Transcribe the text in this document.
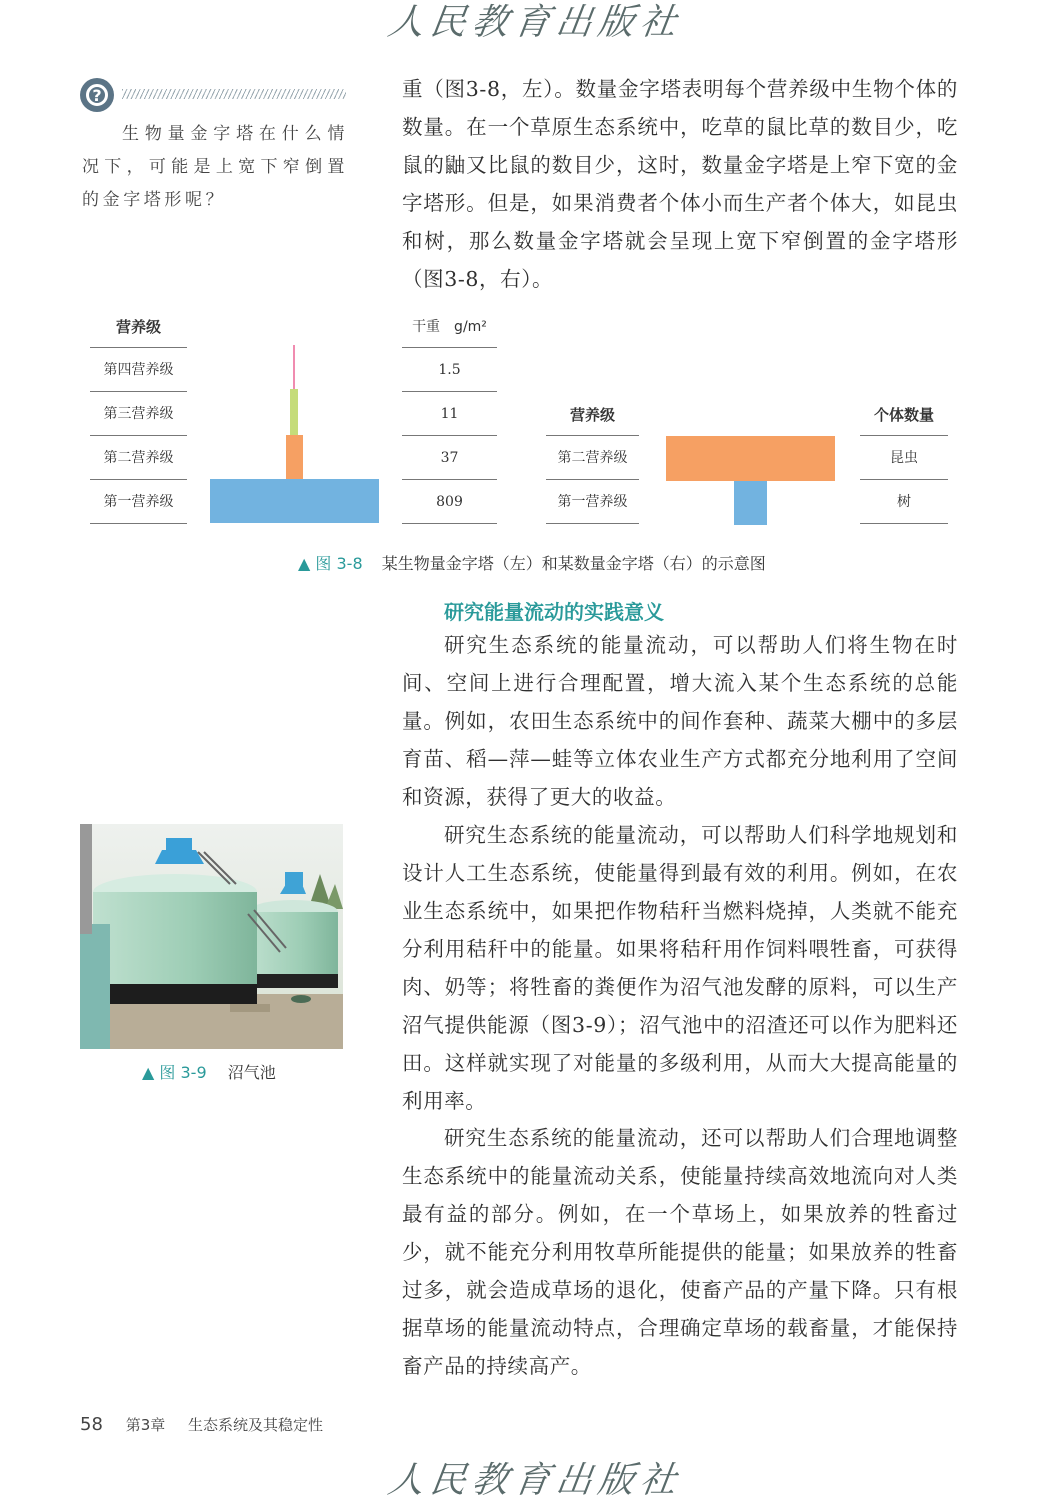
人民教育出版社
?
生物量金字塔在什么情况下，可能是上宽下窄倒置的金字塔形呢？
重（图3-8，左）。数量金字塔表明每个营养级中生物个体的数量。在一个草原生态系统中，吃草的鼠比草的数目少，吃鼠的鼬又比鼠的数目少，这时，数量金字塔是上窄下宽的金字塔形。但是，如果消费者个体小而生产者个体大，如昆虫和树，那么数量金字塔就会呈现上宽下窄倒置的金字塔形（图3-8，右）。
营养级	干重　g/m²
第四营养级
第三营养级
第二营养级
第一营养级
1.5
11
37
809
营养级	个体数量
第二营养级
第一营养级
昆虫
树
▲ 图 3-8 某生物量金字塔（左）和某数量金字塔（右）的示意图
研究能量流动的实践意义
研究生态系统的能量流动，可以帮助人们将生物在时间、空间上进行合理配置，增大流入某个生态系统的总能量。例如，农田生态系统中的间作套种、蔬菜大棚中的多层育苗、稻—萍—蛙等立体农业生产方式都充分地利用了空间和资源，获得了更大的收益。
研究生态系统的能量流动，可以帮助人们科学地规划和设计人工生态系统，使能量得到最有效的利用。例如，在农业生态系统中，如果把作物秸秆当燃料烧掉，人类就不能充分利用秸秆中的能量。如果将秸秆用作饲料喂牲畜，可获得肉、奶等；将牲畜的粪便作为沼气池发酵的原料，可以生产沼气提供能源（图3-9）；沼气池中的沼渣还可以作为肥料还田。这样就实现了对能量的多级利用，从而大大提高能量的利用率。
研究生态系统的能量流动，还可以帮助人们合理地调整生态系统中的能量流动关系，使能量持续高效地流向对人类最有益的部分。例如，在一个草场上，如果放养的牲畜过少，就不能充分利用牧草所能提供的能量；如果放养的牲畜过多，就会造成草场的退化，使畜产品的产量下降。只有根据草场的能量流动特点，合理确定草场的载畜量，才能保持畜产品的持续高产。
▲ 图 3-9 沼气池
58 第3章 生态系统及其稳定性
人民教育出版社
